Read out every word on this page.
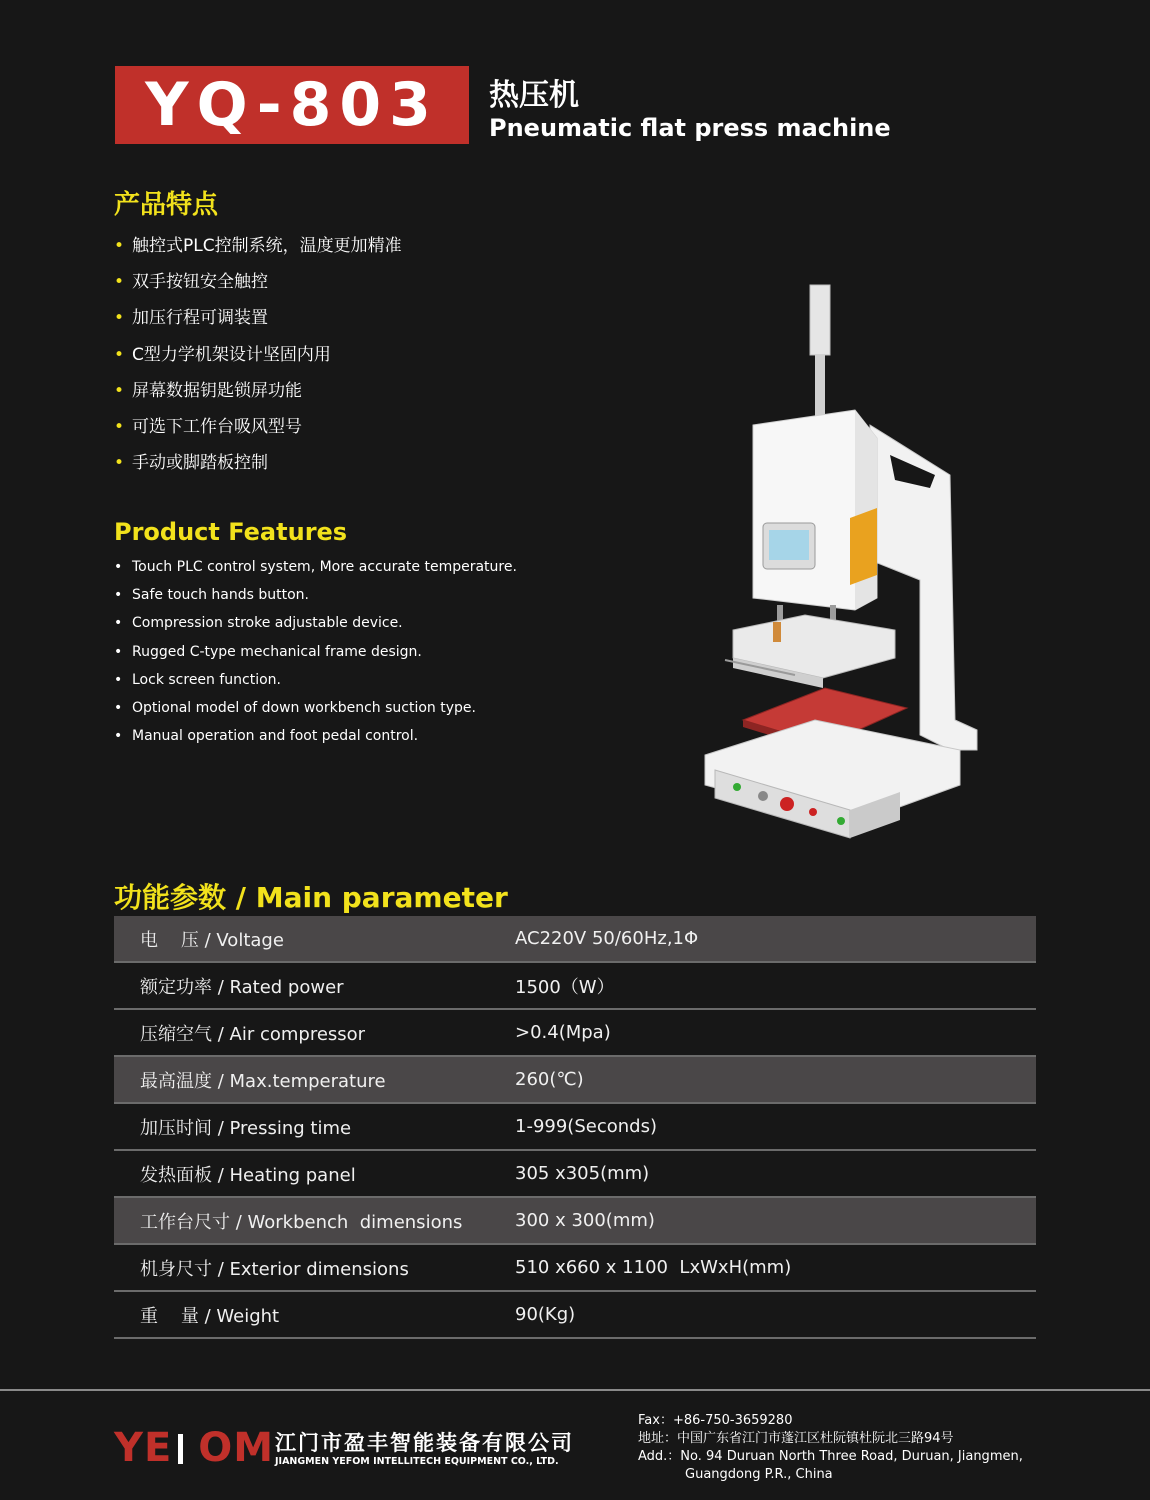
YQ-803 热压机
Pneumatic flat press machine
产品特点
• 触控式PLC控制系统，温度更加精准
• 双手按钮安全触控
• 加压行程可调装置
• C型力学机架设计坚固内用
• 屏幕数据钥匙锁屏功能
• 可选下工作台吸风型号
• 手动或脚踏板控制
Product Features
• Touch PLC control system, More accurate temperature.
• Safe touch hands button.
• Compression stroke adjustable device.
• Rugged C-type mechanical frame design.
• Lock screen function.
• Optional model of down workbench suction type.
• Manual operation and foot pedal control.
功能参数 / Main parameter
电    压 / Voltage	AC220V 50/60Hz,1Φ
额定功率 / Rated power	1500（W）
压缩空气 / Air compressor	>0.4(Mpa)
最高温度 / Max.temperature	260(℃)
加压时间 / Pressing time	1-999(Seconds)
发热面板 / Heating panel	305 x305(mm)
工作台尺寸 / Workbench  dimensions	300 x 300(mm)
机身尺寸 / Exterior dimensions	510 x660 x 1100  LxWxH(mm)
重    量 / Weight	90(Kg)
YE OM 江门市盈丰智能装备有限公司
JIANGMEN YEFOM INTELLITECH EQUIPMENT CO., LTD.
Fax：+86-750-3659280
地址：中国广东省江门市蓬江区杜阮镇杜阮北三路94号
Add.：No. 94 Duruan North Three Road, Duruan, Jiangmen,
Guangdong P.R., China
